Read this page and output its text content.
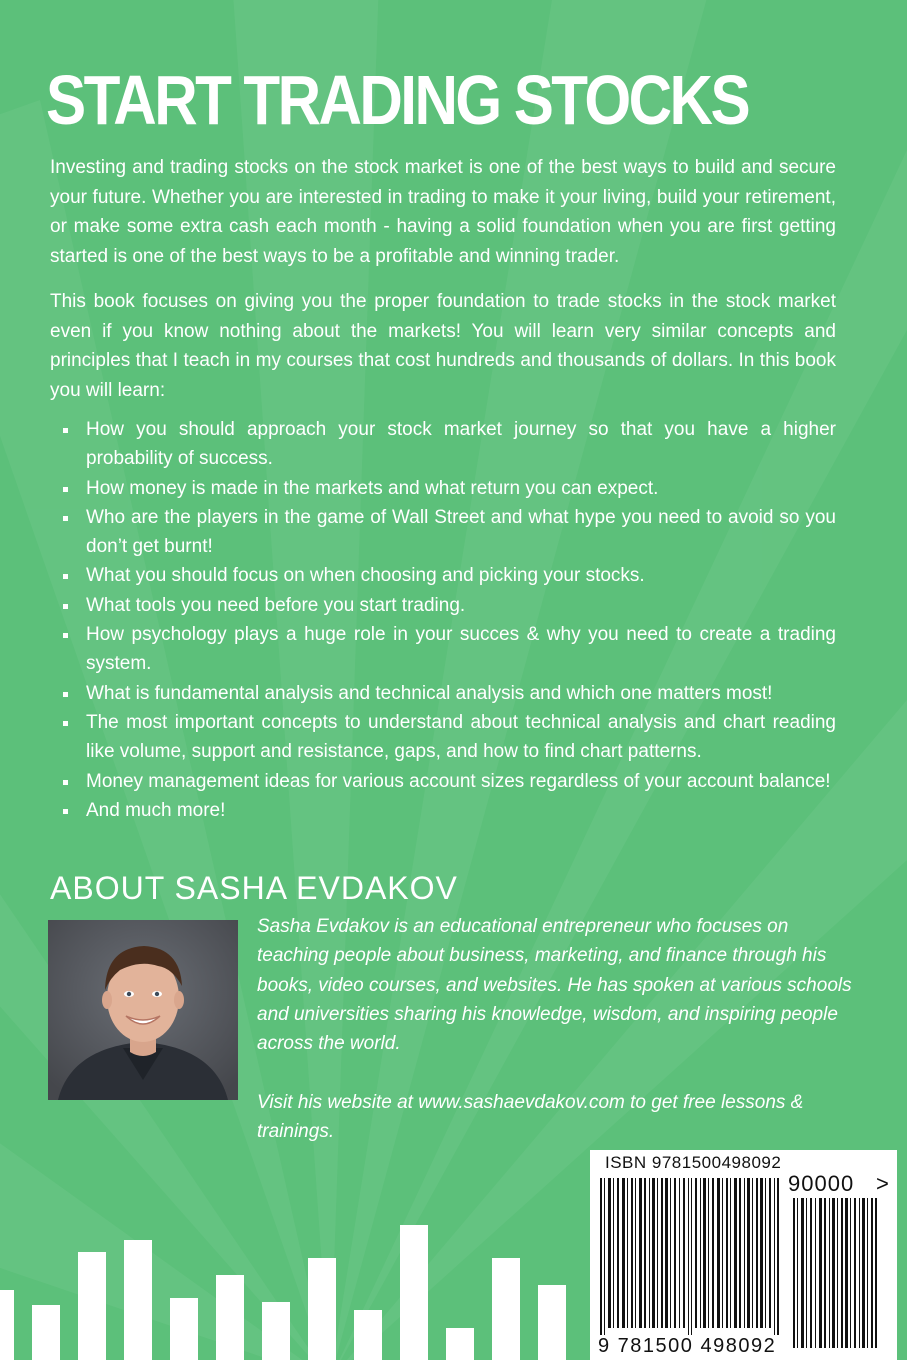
START TRADING STOCKS

Investing and trading stocks on the stock market is one of the best ways to build and secure your future. Whether you are interested in trading to make it your living, build your retirement, or make some extra cash each month - having a solid foundation when you are first getting started is one of the best ways to be a profitable and winning trader.

This book focuses on giving you the proper foundation to trade stocks in the stock market even if you know nothing about the markets! You will learn very similar concepts and principles that I teach in my courses that cost hundreds and thousands of dollars. In this book you will learn:

How you should approach your stock market journey so that you have a higher probability of success.
How money is made in the markets and what return you can expect.
Who are the players in the game of Wall Street and what hype you need to avoid so you don’t get burnt!
What you should focus on when choosing and picking your stocks.
What tools you need before you start trading.
How psychology plays a huge role in your succes & why you need to create a trading system.
What is fundamental analysis and technical analysis and which one matters most!
The most important concepts to understand about technical analysis and chart reading like volume, support and resistance, gaps, and how to find chart patterns.
Money management ideas for various account sizes regardless of your account balance!
And much more!
ABOUT SASHA EVDAKOV

Sasha Evdakov is an educational entrepreneur who focuses on teaching people about business, marketing, and finance through his books, video courses, and websites. He has spoken at various schools and universities sharing his knowledge, wisdom, and inspiring people across the world.

Visit his website at www.sashaevdakov.com to get free lessons & trainings.

ISBN 9781500498092
90000 >
9 781500 498092
